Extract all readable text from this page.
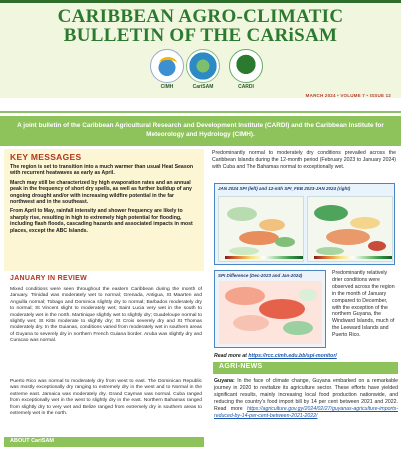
CARIBBEAN AGRO-CLIMATIC
BULLETIN OF THE CARiSAM
CIMH	CariSAM	CARDI
MARCH 2024 • VOLUME 7 • ISSUE 12
A joint bulletin of the Caribbean Agricultural Research and Development Institute (CARDI) and the Caribbean Institute for Meteorology and Hydrology (CIMH).
KEY MESSAGES

The region is set to transition into a much warmer than usual Heat Season with recurrent heatwaves as early as April.

March may still be characterized by high evaporation rates and an annual peak in the frequency of short dry spells, as well as further buildup of any ongoing drought and/or with increasing wildfire potential in the far northwest and in the southeast.

From April to May, rainfall intensity and shower frequency are likely to sharply rise, resulting in high to extremely high potential for flooding, including flash floods, cascading hazards and associated impacts in most places, except the ABC Islands.

JANUARY IN REVIEW

Mixed conditions were seen throughout the eastern Caribbean during the month of January. Trinidad was moderately wet to normal; Grenada, Antigua, St Maarten and Anguilla normal; Tobago and Dominica slightly dry to normal; Barbados moderately dry to normal; St Vincent slight to moderately wet; Saint Lucia very wet in the south to moderately wet in the north. Martinique slightly wet to slightly dry; Guadeloupe normal to slightly wet; St Kitts moderate to slightly dry; St Croix severely dry and St Thomas moderately dry. In the Guianas, conditions varied from moderately wet in southern areas of Guyana to severely dry in northern French Guiana border. Aruba was slightly dry and Curacao was normal.

Puerto Rico was normal to moderately dry from west to east. The Dominican Republic was mostly exceptionally dry ranging to extremely dry in the west and to Normal in the extreme east. Jamaica was moderately dry. Grand Cayman was normal. Cuba ranged from exceptionally wet in the west to slightly dry in the east. Northern Bahamas ranged from slightly dry to very wet and Belize ranged from extremely dry in southern areas to extremely wet in the north.

ABOUT CariSAM

Predominantly normal to moderately dry conditions prevailed across the Caribbean Islands during the 12-month period (February 2023 to January 2024) with Cuba and The Bahamas normal to exceptionally wet.

JAN 2024 SPI (left) and 12-mth SPI_FEB 2023-JAN 2024 (right)
SPI Difference (Dec-2023 and Jan-2024)	Predominantly relatively drier conditions were observed across the region in the month of January compared to December, with the exception of the northern Guyana, the Windward Islands, much of the Leeward Islands and Puerto Rico.

Read more at https://rcc.cimh.edu.bb/spi-monitor/
AGRI-NEWS

Guyana: In the face of climate change, Guyana embarked on a remarkable journey in 2020 to revitalize its agriculture sector. These efforts have yielded significant results, mainly increasing local food production nationwide, and reducing the country's food import bill by 14 per cent between 2021 and 2022. Read more https://agriculture.gov.gy/2024/02/27/guyanas-agriculture-imports-reduced-by-14-per-cent-between-2021-2022/
